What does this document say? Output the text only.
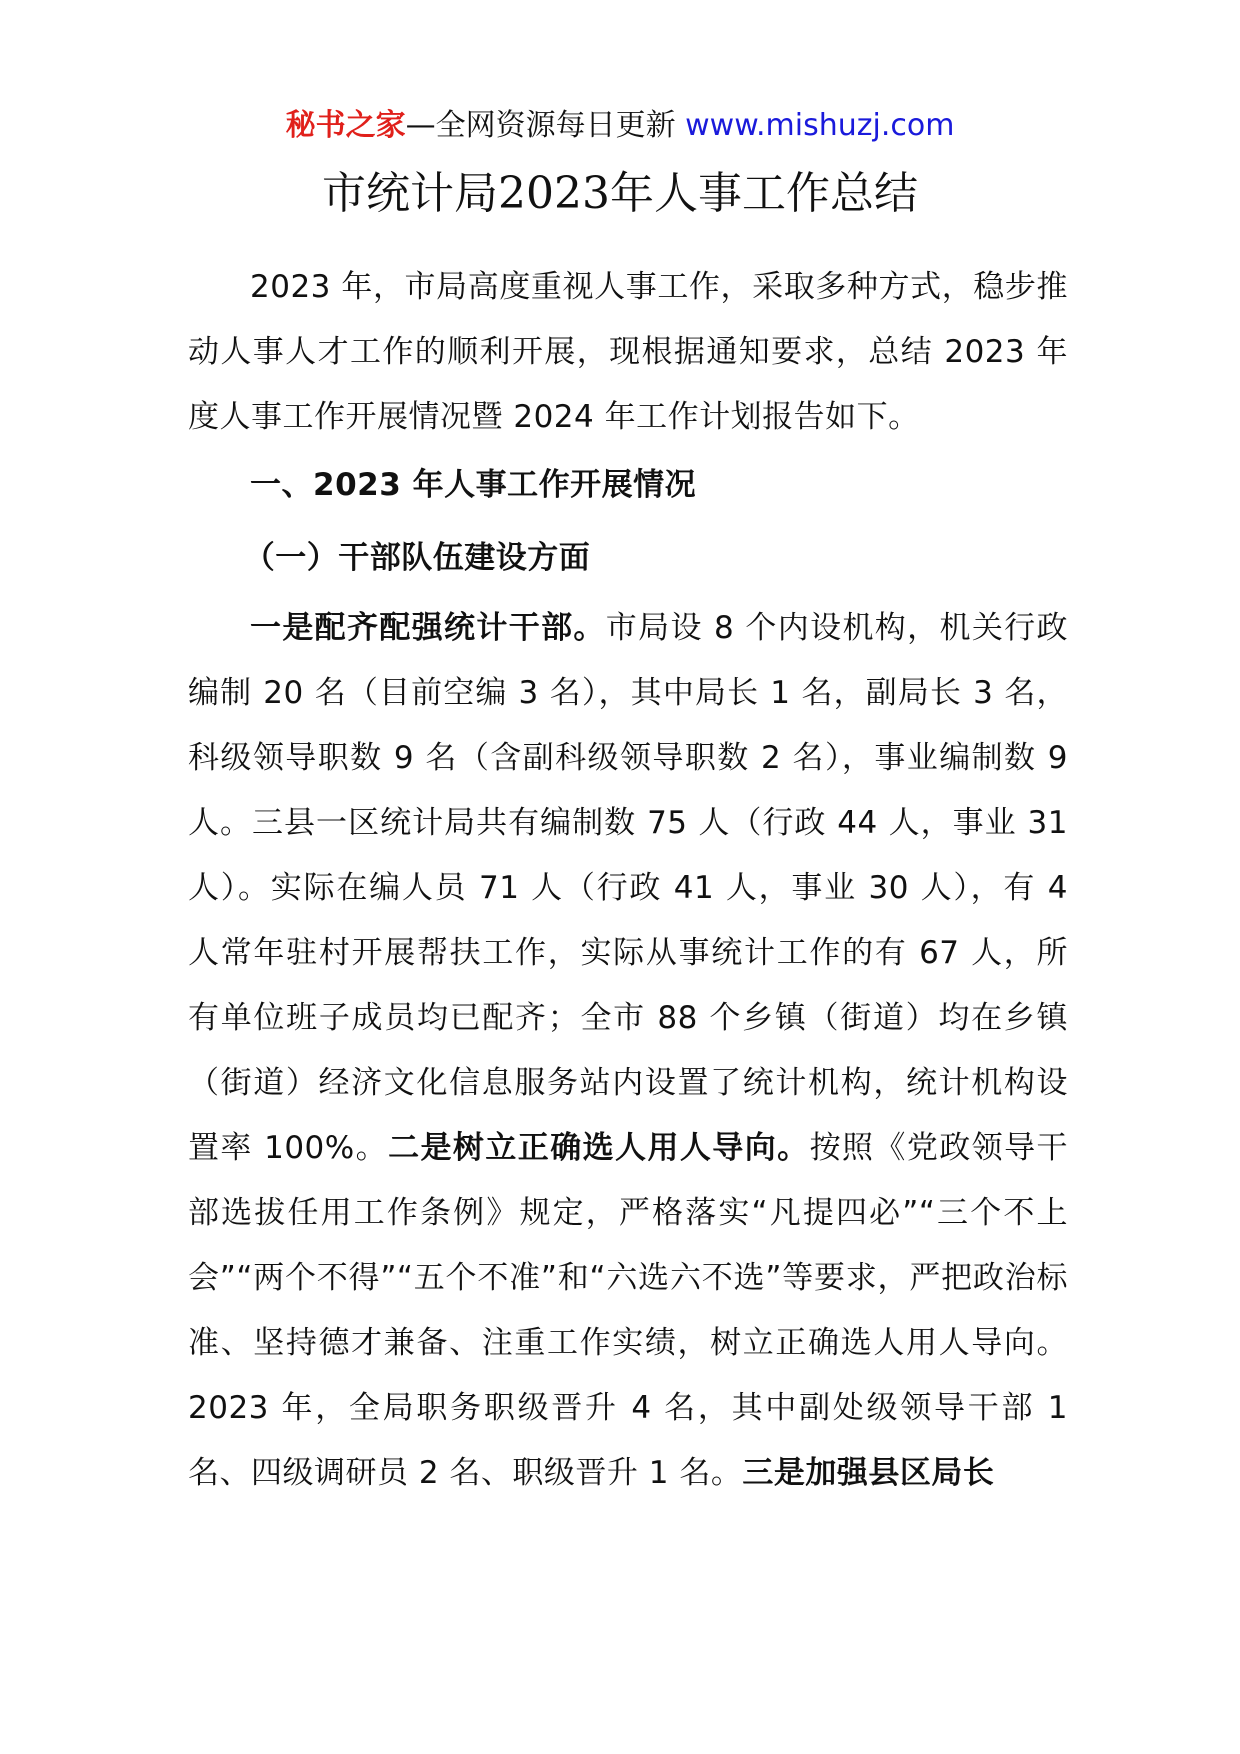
秘书之家—全网资源每日更新 www.mishuzj.com
市统计局2023年人事工作总结

2023 年，市局高度重视人事工作，采取多种方式，稳步推动人事人才工作的顺利开展，现根据通知要求，总结 2023 年度人事工作开展情况暨 2024 年工作计划报告如下。

一、2023 年人事工作开展情况
（一）干部队伍建设方面

一是配齐配强统计干部。市局设 8 个内设机构，机关行政编制 20 名（目前空编 3 名），其中局长 1 名，副局长 3 名，科级领导职数 9 名（含副科级领导职数 2 名），事业编制数 9 人。三县一区统计局共有编制数 75 人（行政 44 人，事业 31 人）。实际在编人员 71 人（行政 41 人，事业 30 人），有 4 人常年驻村开展帮扶工作，实际从事统计工作的有 67 人，所有单位班子成员均已配齐；全市 88 个乡镇（街道）均在乡镇（街道）经济文化信息服务站内设置了统计机构，统计机构设置率 100%。二是树立正确选人用人导向。按照《党政领导干部选拔任用工作条例》规定，严格落实“凡提四必”“三个不上会”“两个不得”“五个不准”和“六选六不选”等要求，严把政治标准、坚持德才兼备、注重工作实绩，树立正确选人用人导向。2023 年，全局职务职级晋升 4 名，其中副处级领导干部 1 名、四级调研员 2 名、职级晋升 1 名。三是加强县区局长
